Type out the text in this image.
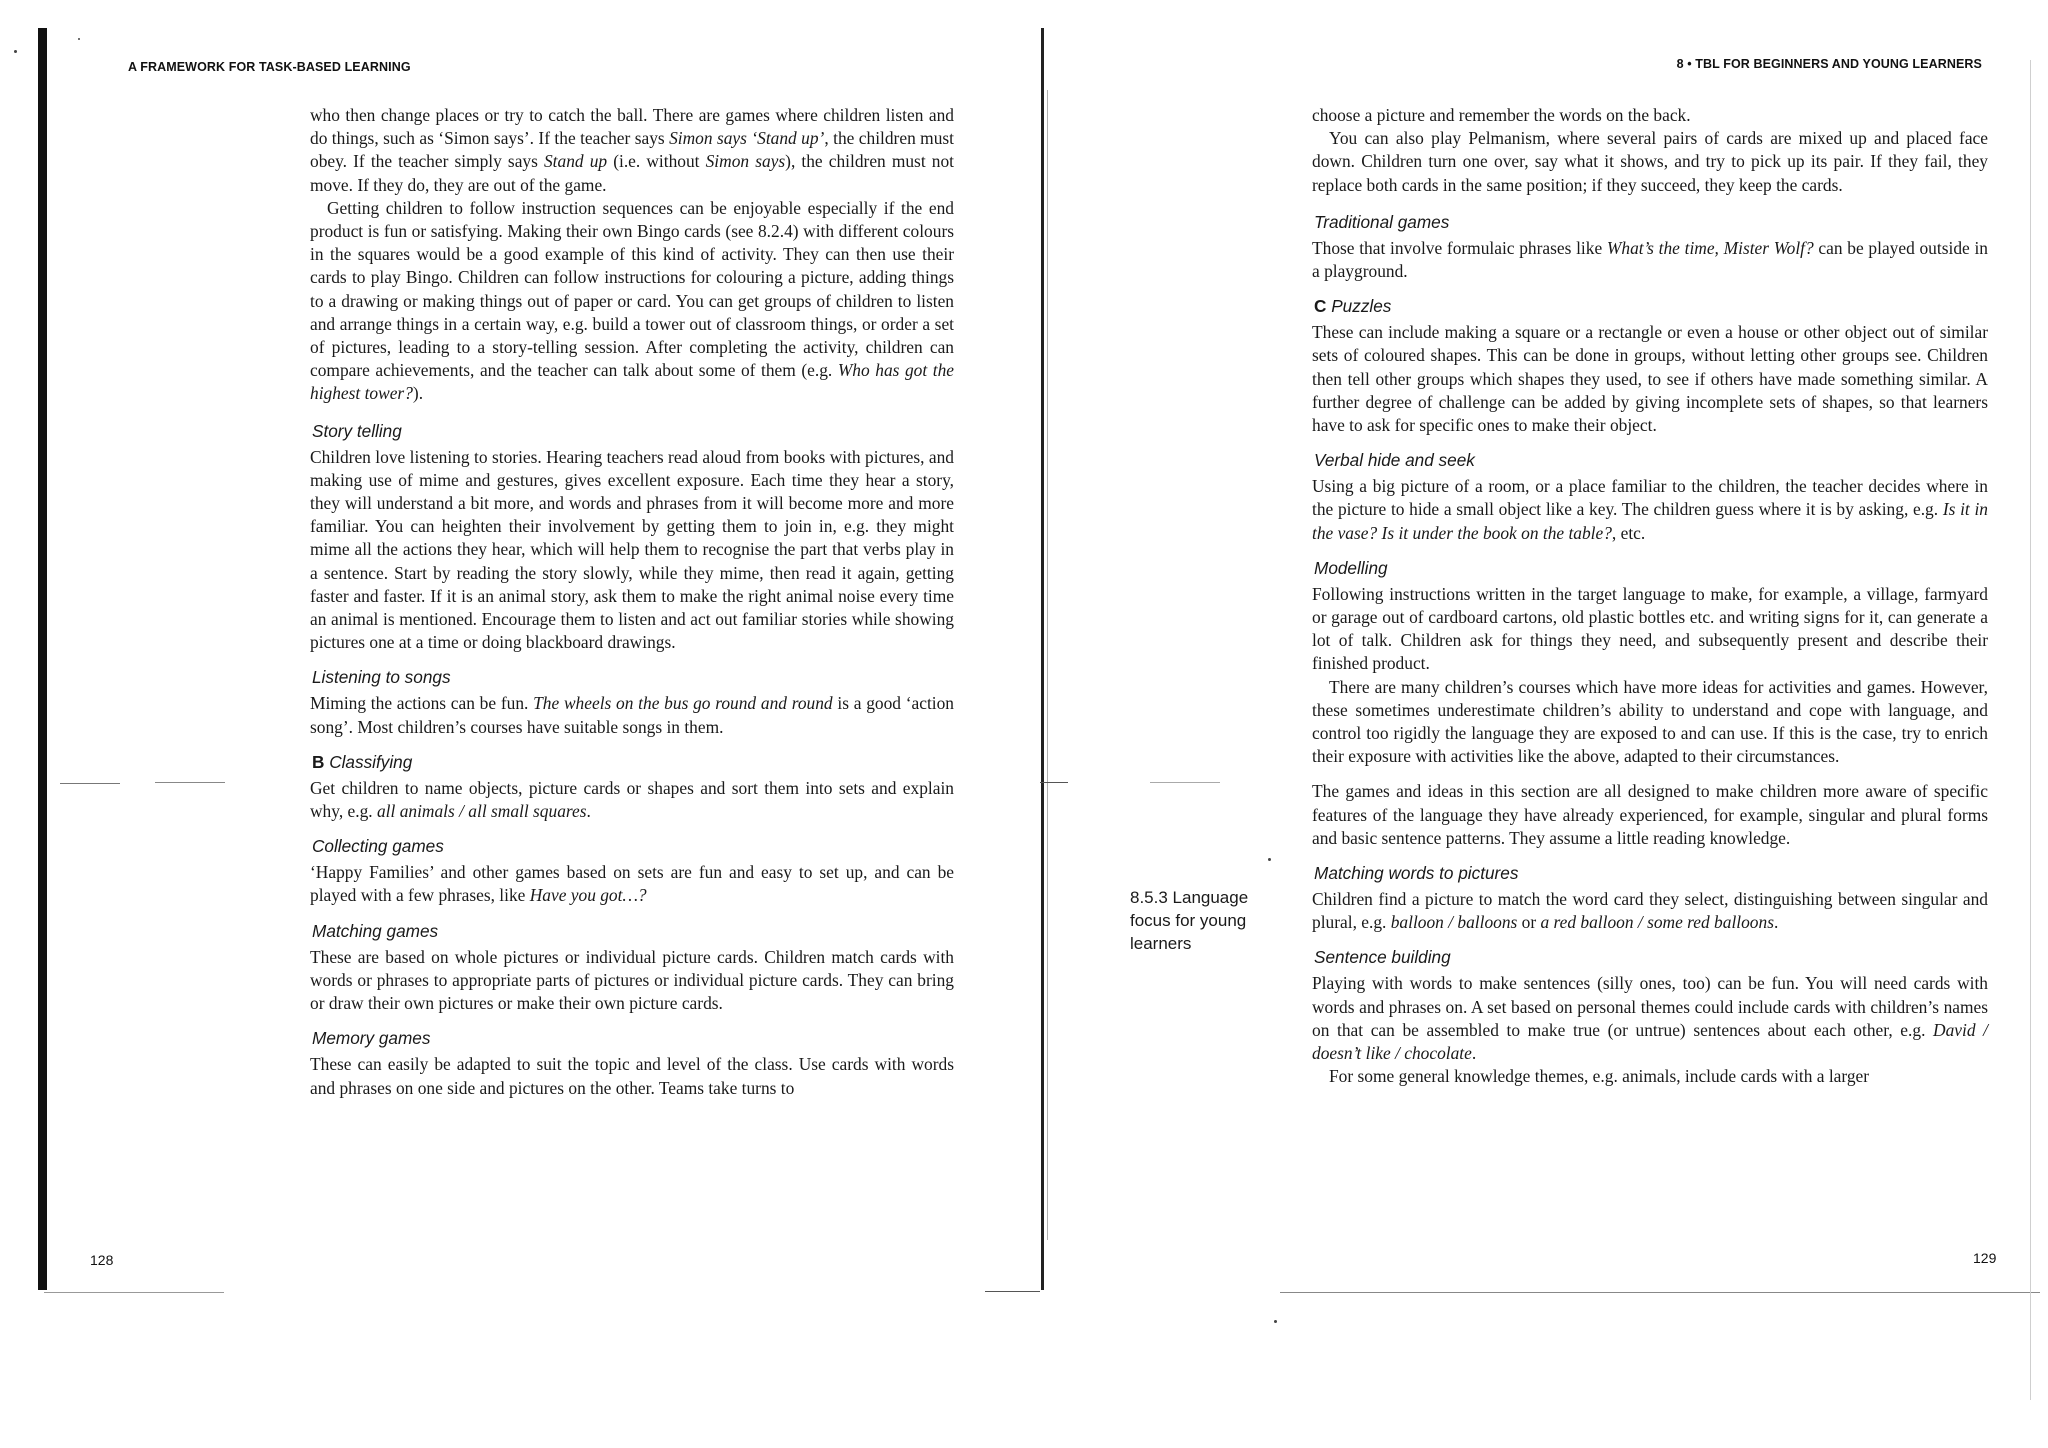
A FRAMEWORK FOR TASK-BASED LEARNING

who then change places or try to catch the ball. There are games where children listen and do things, such as ‘Simon says’. If the teacher says Simon says ‘Stand up’, the children must obey. If the teacher simply says Stand up (i.e. without Simon says), the children must not move. If they do, they are out of the game.

Getting children to follow instruction sequences can be enjoyable especially if the end product is fun or satisfying. Making their own Bingo cards (see 8.2.4) with different colours in the squares would be a good example of this kind of activity. They can then use their cards to play Bingo. Children can follow instructions for colouring a picture, adding things to a drawing or making things out of paper or card. You can get groups of children to listen and arrange things in a certain way, e.g. build a tower out of classroom things, or order a set of pictures, leading to a story-telling session. After completing the activity, children can compare achievements, and the teacher can talk about some of them (e.g. Who has got the highest tower?).

Story telling

Children love listening to stories. Hearing teachers read aloud from books with pictures, and making use of mime and gestures, gives excellent exposure. Each time they hear a story, they will understand a bit more, and words and phrases from it will become more and more familiar. You can heighten their involvement by getting them to join in, e.g. they might mime all the actions they hear, which will help them to recognise the part that verbs play in a sentence. Start by reading the story slowly, while they mime, then read it again, getting faster and faster. If it is an animal story, ask them to make the right animal noise every time an animal is mentioned. Encourage them to listen and act out familiar stories while showing pictures one at a time or doing blackboard drawings.

Listening to songs

Miming the actions can be fun. The wheels on the bus go round and round is a good ‘action song’. Most children’s courses have suitable songs in them.

B Classifying

Get children to name objects, picture cards or shapes and sort them into sets and explain why, e.g. all animals / all small squares.

Collecting games

‘Happy Families’ and other games based on sets are fun and easy to set up, and can be played with a few phrases, like Have you got…?

Matching games

These are based on whole pictures or individual picture cards. Children match cards with words or phrases to appropriate parts of pictures or individual picture cards. They can bring or draw their own pictures or make their own picture cards.

Memory games

These can easily be adapted to suit the topic and level of the class. Use cards with words and phrases on one side and pictures on the other. Teams take turns to

128
8 • TBL FOR BEGINNERS AND YOUNG LEARNERS

choose a picture and remember the words on the back.

You can also play Pelmanism, where several pairs of cards are mixed up and placed face down. Children turn one over, say what it shows, and try to pick up its pair. If they fail, they replace both cards in the same position; if they succeed, they keep the cards.

Traditional games

Those that involve formulaic phrases like What’s the time, Mister Wolf? can be played outside in a playground.

C Puzzles

These can include making a square or a rectangle or even a house or other object out of similar sets of coloured shapes. This can be done in groups, without letting other groups see. Children then tell other groups which shapes they used, to see if others have made something similar. A further degree of challenge can be added by giving incomplete sets of shapes, so that learners have to ask for specific ones to make their object.

Verbal hide and seek

Using a big picture of a room, or a place familiar to the children, the teacher decides where in the picture to hide a small object like a key. The children guess where it is by asking, e.g. Is it in the vase? Is it under the book on the table?, etc.

Modelling

Following instructions written in the target language to make, for example, a village, farmyard or garage out of cardboard cartons, old plastic bottles etc. and writing signs for it, can generate a lot of talk. Children ask for things they need, and subsequently present and describe their finished product.

There are many children’s courses which have more ideas for activities and games. However, these sometimes underestimate children’s ability to understand and cope with language, and control too rigidly the language they are exposed to and can use. If this is the case, try to enrich their exposure with activities like the above, adapted to their circumstances.

The games and ideas in this section are all designed to make children more aware of specific features of the language they have already experienced, for example, singular and plural forms and basic sentence patterns. They assume a little reading knowledge.

Matching words to pictures

Children find a picture to match the word card they select, distinguishing between singular and plural, e.g. balloon / balloons or a red balloon / some red balloons.

Sentence building

Playing with words to make sentences (silly ones, too) can be fun. You will need cards with words and phrases on. A set based on personal themes could include cards with children’s names on that can be assembled to make true (or untrue) sentences about each other, e.g. David / doesn’t like / chocolate.

For some general knowledge themes, e.g. animals, include cards with a larger

8.5.3 Language focus for young learners
129
